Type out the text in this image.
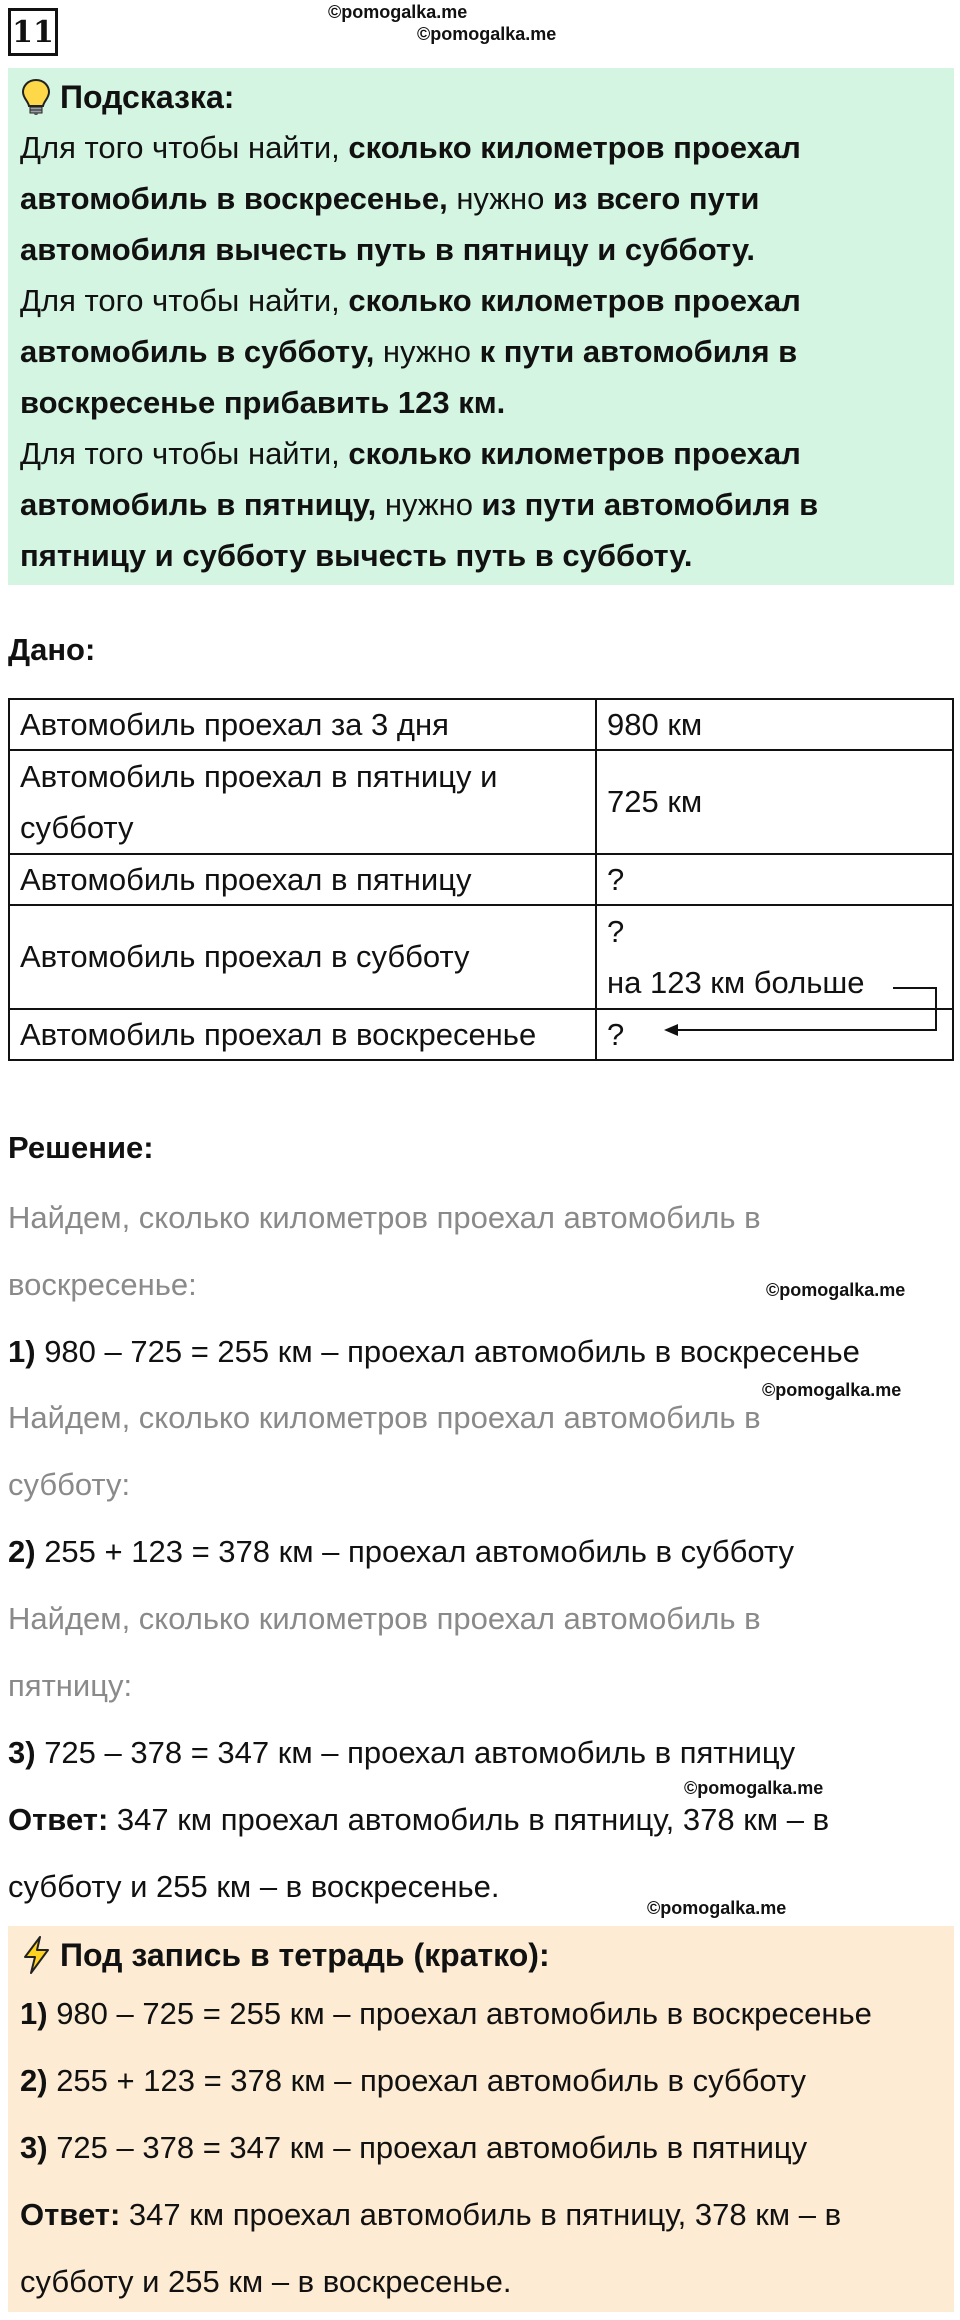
11
©pomogalka.me
©pomogalka.me
Подсказка:
Для того чтобы найти, сколько километров проехал автомобиль в воскресенье, нужно из всего пути автомобиля вычесть путь в пятницу и субботу.
Для того чтобы найти, сколько километров проехал автомобиль в субботу, нужно к пути автомобиля в воскресенье прибавить 123 км.
Для того чтобы найти, сколько километров проехал автомобиль в пятницу, нужно из пути автомобиля в пятницу и субботу вычесть путь в субботу.
Дано:
Автомобиль проехал за 3 дня	980 км

Автомобиль проехал в пятницу и
субботу	725 км
Автомобиль проехал в пятницу	?
Автомобиль проехал в субботу	?
на 123 км больше

Автомобиль проехал в воскресенье	?
Решение:
Найдем, сколько километров проехал автомобиль в
воскресенье:	©pomogalka.me
1) 980 – 725 = 255 км – проехал автомобиль в воскресенье
©pomogalka.me
Найдем, сколько километров проехал автомобиль в
субботу:
2) 255 + 123 = 378 км – проехал автомобиль в субботу
Найдем, сколько километров проехал автомобиль в
пятницу:
3) 725 – 378 = 347 км – проехал автомобиль в пятницу
©pomogalka.me
Ответ: 347 км проехал автомобиль в пятницу, 378 км – в
субботу и 255 км – в воскресенье.
©pomogalka.me
Под запись в тетрадь (кратко):
1) 980 – 725 = 255 км – проехал автомобиль в воскресенье
2) 255 + 123 = 378 км – проехал автомобиль в субботу
3) 725 – 378 = 347 км – проехал автомобиль в пятницу
Ответ: 347 км проехал автомобиль в пятницу, 378 км – в
субботу и 255 км – в воскресенье.
